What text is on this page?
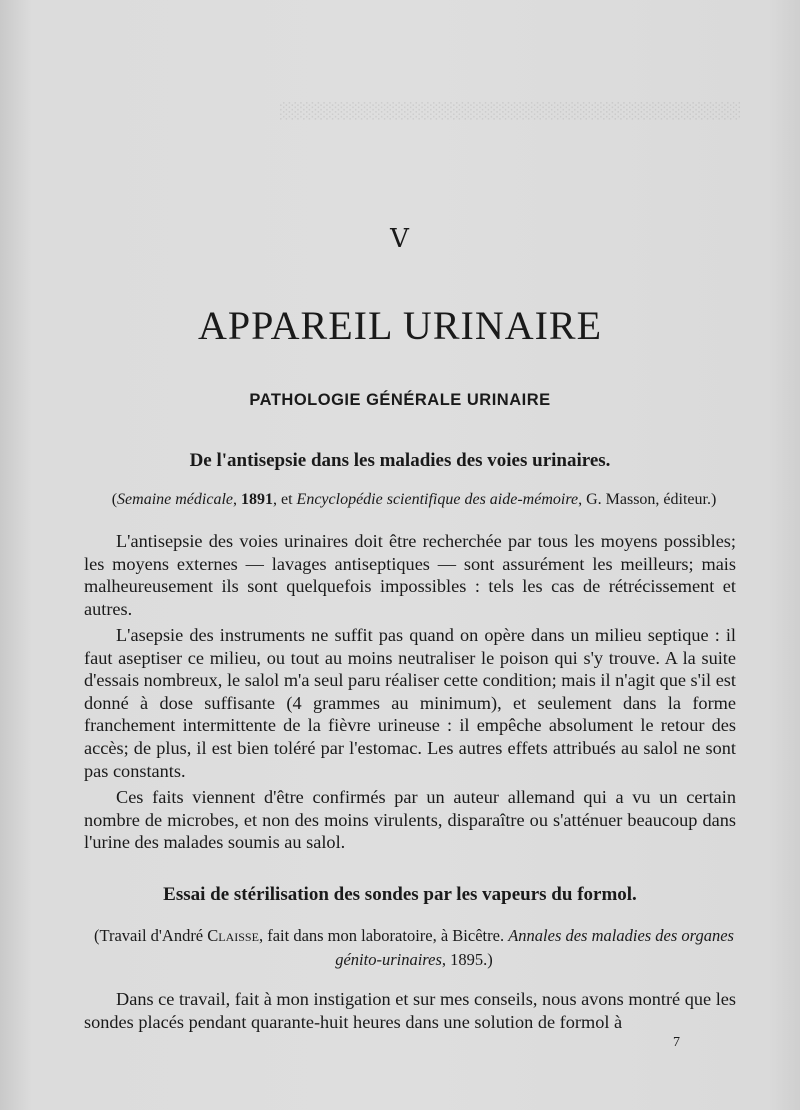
░░░░░░░░░░░░░░░░░░░░░░░░░░░░░░░░░░░░░░░░
V
APPAREIL URINAIRE
PATHOLOGIE GÉNÉRALE URINAIRE
De l'antisepsie dans les maladies des voies urinaires.
(Semaine médicale, 1891, et Encyclopédie scientifique des aide-mémoire, G. Masson, éditeur.)

L'antisepsie des voies urinaires doit être recherchée par tous les moyens possibles; les moyens externes — lavages antiseptiques — sont assurément les meilleurs; mais malheureusement ils sont quelquefois impossibles : tels les cas de rétrécissement et autres.

L'asepsie des instruments ne suffit pas quand on opère dans un milieu septique : il faut aseptiser ce milieu, ou tout au moins neutraliser le poison qui s'y trouve. A la suite d'essais nombreux, le salol m'a seul paru réaliser cette condition; mais il n'agit que s'il est donné à dose suffisante (4 grammes au minimum), et seulement dans la forme franchement intermittente de la fièvre urineuse : il empêche absolument le retour des accès; de plus, il est bien toléré par l'estomac. Les autres effets attribués au salol ne sont pas constants.

Ces faits viennent d'être confirmés par un auteur allemand qui a vu un certain nombre de microbes, et non des moins virulents, disparaître ou s'atténuer beaucoup dans l'urine des malades soumis au salol.

Essai de stérilisation des sondes par les vapeurs du formol.
(Travail d'André Claisse, fait dans mon laboratoire, à Bicêtre. Annales des maladies des organes génito-urinaires, 1895.)

Dans ce travail, fait à mon instigation et sur mes conseils, nous avons montré que les sondes placés pendant quarante-huit heures dans une solution de formol à

7
